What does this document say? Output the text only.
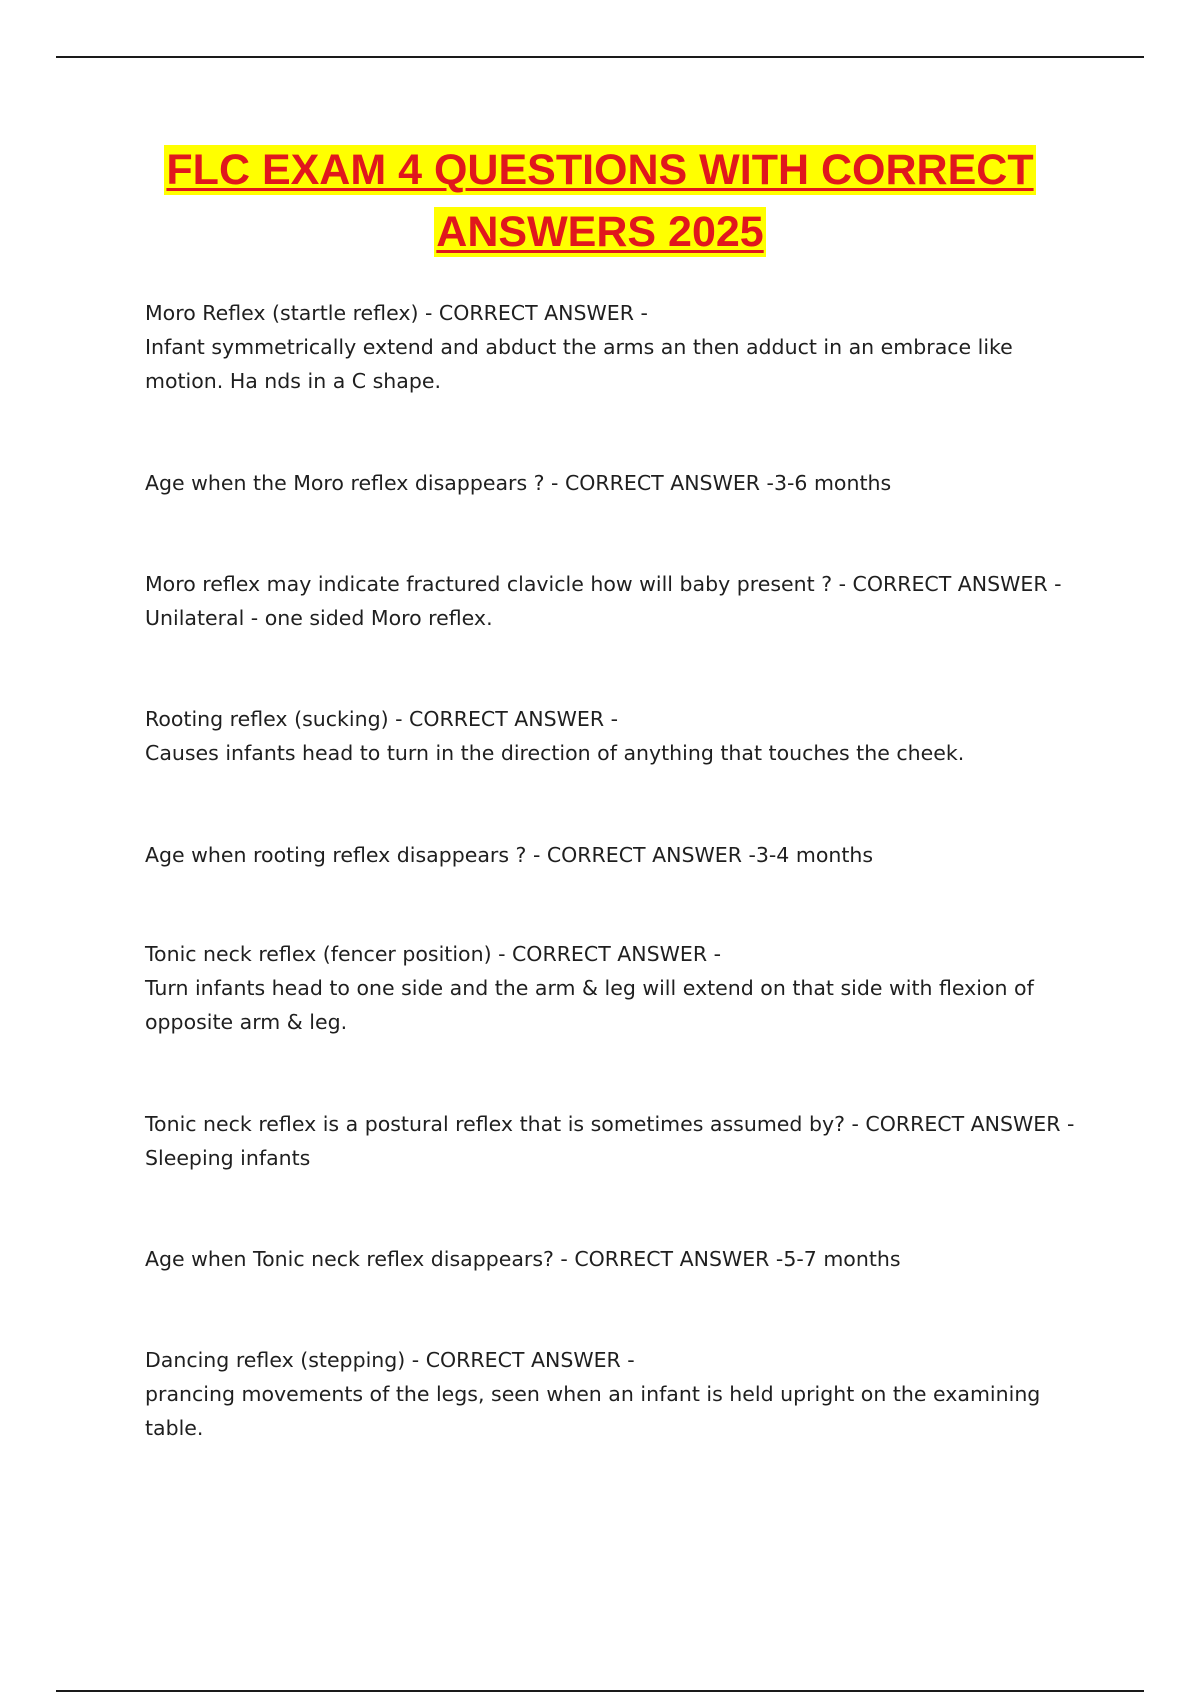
FLC EXAM 4 QUESTIONS WITH CORRECT
ANSWERS 2025

Moro Reflex (startle reflex) - CORRECT ANSWER -
Infant symmetrically extend and abduct the arms an then adduct in an embrace like motion. Ha nds in a C shape.

Age when the Moro reflex disappears ? - CORRECT ANSWER -3-6 months

Moro reflex may indicate fractured clavicle how will baby present ? - CORRECT ANSWER -
Unilateral - one sided Moro reflex.

Rooting reflex (sucking) - CORRECT ANSWER -
Causes infants head to turn in the direction of anything that touches the cheek.

Age when rooting reflex disappears ? - CORRECT ANSWER -3-4 months

Tonic neck reflex (fencer position) - CORRECT ANSWER -
Turn infants head to one side and the arm & leg will extend on that side with flexion of opposite arm & leg.

Tonic neck reflex is a postural reflex that is sometimes assumed by? - CORRECT ANSWER -
Sleeping infants

Age when Tonic neck reflex disappears? - CORRECT ANSWER -5-7 months

Dancing reflex (stepping) - CORRECT ANSWER -
prancing movements of the legs, seen when an infant is held upright on the examining table.
